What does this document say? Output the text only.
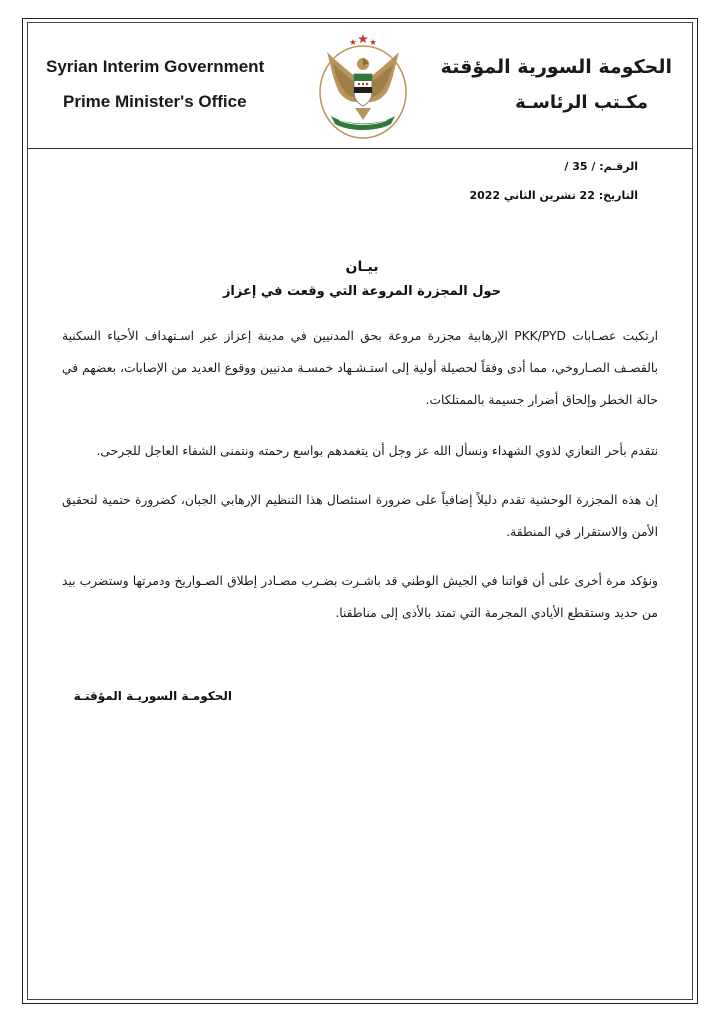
Syrian Interim Government
Prime Minister's Office
الحكومة السورية المؤقتة
مكـتب الرئاسـة
الرقـم: / 35 /
التاريخ: 22 تشرين الثاني 2022
بيـان
حول المجزرة المروعة التي وقعت في إعزاز
ارتكبت عصـابات PKK/PYD الإرهابية مجزرة مروعة بحق المدنيين في مدينة إعزاز عبر اسـتهداف الأحياء السكنية بالقصـف الصـاروخي، مما أدى وفقاً لحصيلة أولية إلى استـشـهاد خمسـة مدنيين ووقوع العديد من الإصابات، بعضهم في حالة الخطر وإلحاق أضرار جسيمة بالممتلكات.
نتقدم بأحر التعازي لذوي الشهداء ونسأل الله عز وجل أن يتغمدهم بواسع رحمته ونتمنى الشفاء العاجل للجرحى.
إن هذه المجزرة الوحشية تقدم دليلاً إضافياً على ضرورة استئصال هذا التنظيم الإرهابي الجبان، كضرورة حتمية لتحقيق الأمن والاستقرار في المنطقة.
ونؤكد مرة أخرى على أن قواتنا في الجيش الوطني قد باشـرت بضـرب مصـادر إطلاق الصـواريخ ودمرتها وستضرب بيد من حديد وستقطع الأيادي المجرمة التي تمتد بالأذى إلى مناطقنا.
الحكومـة السوريـة المؤقتـة
